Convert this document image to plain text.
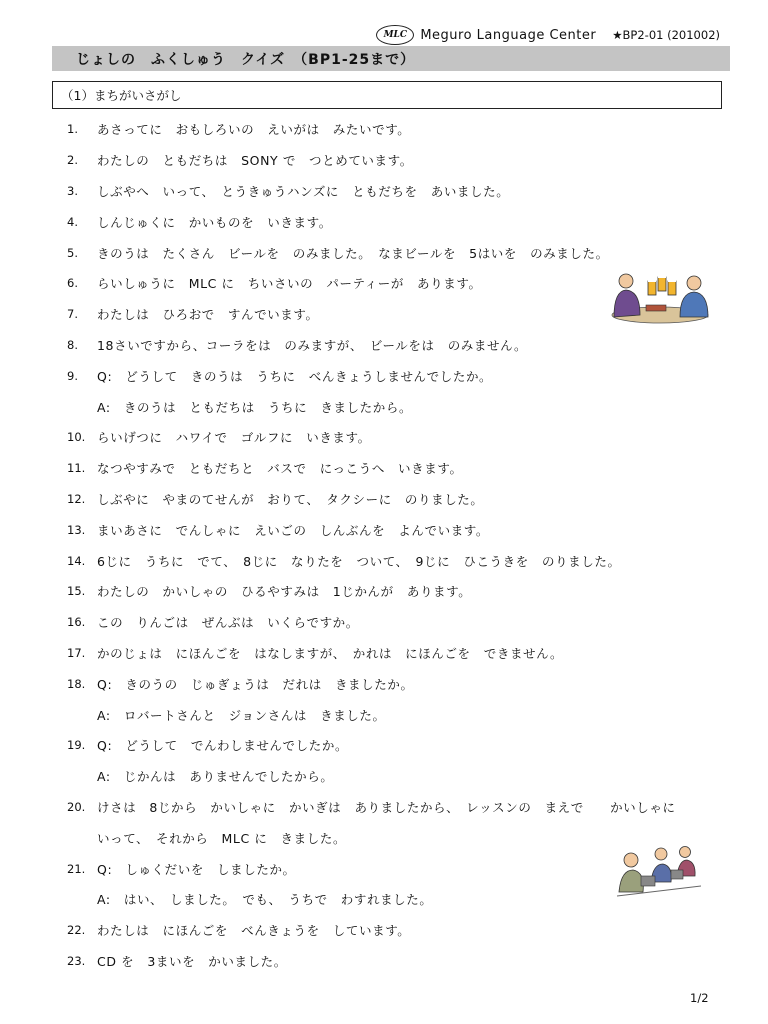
MLC	Meguro Language Center ★BP2-01 (201002)
じょしの　ふくしゅう　クイズ　（BP1-25まで）
（1）まちがいさがし
1.	あさってに　おもしろいの　えいがは　みたいです。
2.	わたしの　ともだちは　SONY で　つとめています。
3.	しぶやへ　いって、　とうきゅうハンズに　ともだちを　あいました。
4.	しんじゅくに　かいものを　いきます。
5.	きのうは　たくさん　ビールを　のみました。　なまビールを　5はいを　のみました。
6.	らいしゅうに　MLC に　ちいさいの　パーティーが　あります。
7.	わたしは　ひろおで　すんでいます。
8.	18さいですから、コーラをは　のみますが、　ビールをは　のみません。
9.	Q:　どうして　きのうは　うちに　べんきょうしませんでしたか。
A:　きのうは　ともだちは　うちに　きましたから。
10. らいげつに　ハワイで　ゴルフに　いきます。
11. なつやすみで　ともだちと　バスで　にっこうへ　いきます。
12. しぶやに　やまのてせんが　おりて、　タクシーに　のりました。
13. まいあさに　でんしゃに　えいごの　しんぶんを　よんでいます。
14. 6じに　うちに　でて、　8じに　なりたを　ついて、　9じに　ひこうきを　のりました。
15. わたしの　かいしゃの　ひるやすみは　1じかんが　あります。
16. この　りんごは　ぜんぶは　いくらですか。
17. かのじょは　にほんごを　はなしますが、　かれは　にほんごを　できません。
18. Q:　きのうの　じゅぎょうは　だれは　きましたか。
A:　ロバートさんと　ジョンさんは　きました。
19. Q:　どうして　でんわしませんでしたか。
A:　じかんは　ありませんでしたから。
20. けさは　8じから　かいしゃに　かいぎは　ありましたから、　レッスンの　まえで　　かいしゃに
いって、　それから　MLC に　きました。
21. Q:　しゅくだいを　しましたか。
A:　はい、　しました。　でも、　うちで　わすれました。
22. わたしは　にほんごを　べんきょうを　しています。
23. CD を　3まいを　かいました。
1/2
